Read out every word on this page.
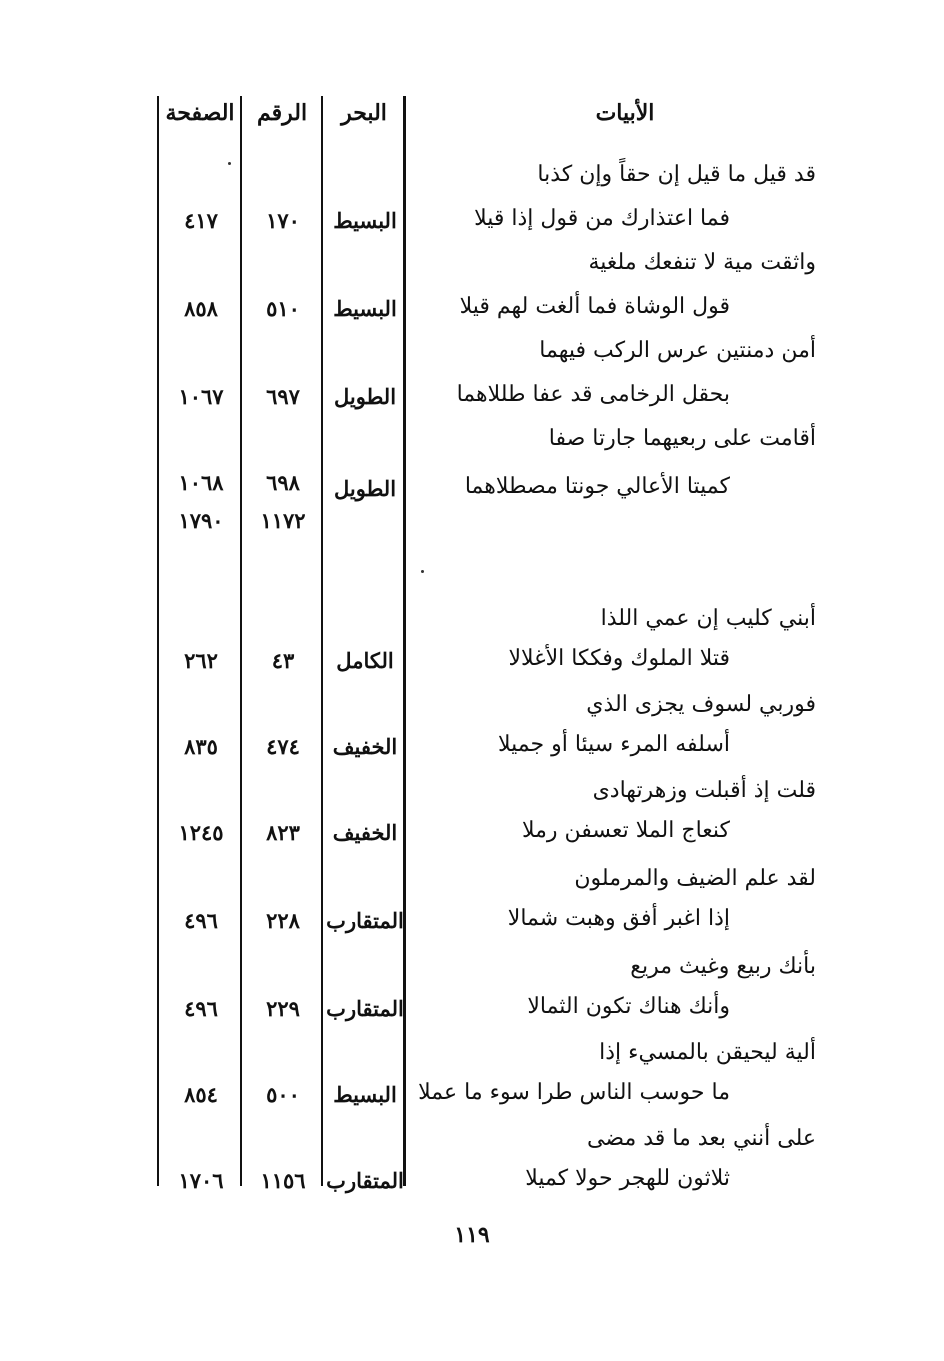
الأبيات
البحر
الرقم
الصفحة
قد قيل ما قيل إن حقاً وإن كذبا
فما اعتذارك من قول إذا قيلا
البسيط
١٧٠
٤١٧
واثقت مية لا تنفعك ملغية
قول الوشاة فما ألغت لهم قيلا
البسيط
٥١٠
٨٥٨
أمن دمنتين عرس الركب فيهما
بحقل الرخامى قد عفا طللاهما
الطويل
٦٩٧
١٠٦٧
أقامت على ربعيهما جارتا صفا
كميتا الأعالي جونتا مصطلاهما
الطويل
٦٩٨
١٠٦٨
١١٧٢
١٧٩٠
أبني كليب إن عمي اللذا
قتلا الملوك وفككا الأغلالا
الكامل
٤٣
٢٦٢
فوربي لسوف يجزى الذي
أسلفه المرء سيئا أو جميلا
الخفيف
٤٧٤
٨٣٥
قلت إذ أقبلت وزهرتهادى
كنعاج الملا تعسفن رملا
الخفيف
٨٢٣
١٢٤٥
لقد علم الضيف والمرملون
إذا اغبر أفق وهبت شمالا
المتقارب
٢٢٨
٤٩٦
بأنك ربيع وغيث مريع
وأنك هناك تكون الثمالا
المتقارب
٢٢٩
٤٩٦
ألية ليحيقن بالمسيء إذا
ما حوسب الناس طرا سوء ما عملا
البسيط
٥٠٠
٨٥٤
على أنني بعد ما قد مضى
ثلاثون للهجر حولا كميلا
المتقارب
١١٥٦
١٧٠٦
١١٩
